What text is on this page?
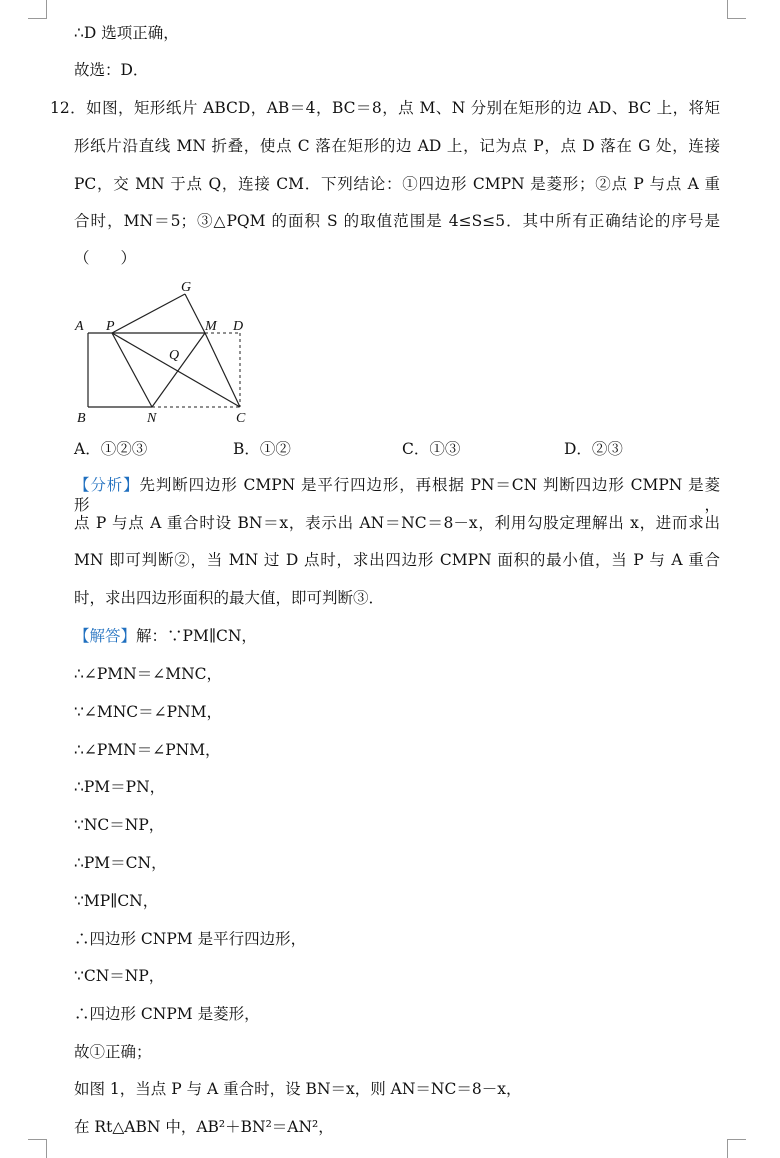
∴D 选项正确，
故选：D．
12．如图，矩形纸片 ABCD，AB＝4，BC＝8，点 M、N 分别在矩形的边 AD、BC 上，将矩
形纸片沿直线 MN 折叠，使点 C 落在矩形的边 AD 上，记为点 P，点 D 落在 G 处，连接
PC，交 MN 于点 Q，连接 CM．下列结论：①四边形 CMPN 是菱形；②点 P 与点 A 重
合时，MN＝5；③△PQM 的面积 S 的取值范围是 4≤S≤5．其中所有正确结论的序号是
（　　）
A P	M D
G
Q
B	N	C
A．①②③	B．①②	C．①③	D．②③
【分析】先判断四边形 CMPN 是平行四边形，再根据 PN＝CN 判断四边形 CMPN 是菱形，
点 P 与点 A 重合时设 BN＝x，表示出 AN＝NC＝8－x，利用勾股定理解出 x，进而求出
MN 即可判断②，当 MN 过 D 点时，求出四边形 CMPN 面积的最小值，当 P 与 A 重合
时，求出四边形面积的最大值，即可判断③．
【解答】解：∵PM∥CN，
∴∠PMN＝∠MNC，
∵∠MNC＝∠PNM，
∴∠PMN＝∠PNM，
∴PM＝PN，
∵NC＝NP，
∴PM＝CN，
∵MP∥CN，
∴四边形 CNPM 是平行四边形，
∵CN＝NP，
∴四边形 CNPM 是菱形，
故①正确；
如图 1，当点 P 与 A 重合时，设 BN＝x，则 AN＝NC＝8－x，
在 Rt△ABN 中，AB²＋BN²＝AN²，
